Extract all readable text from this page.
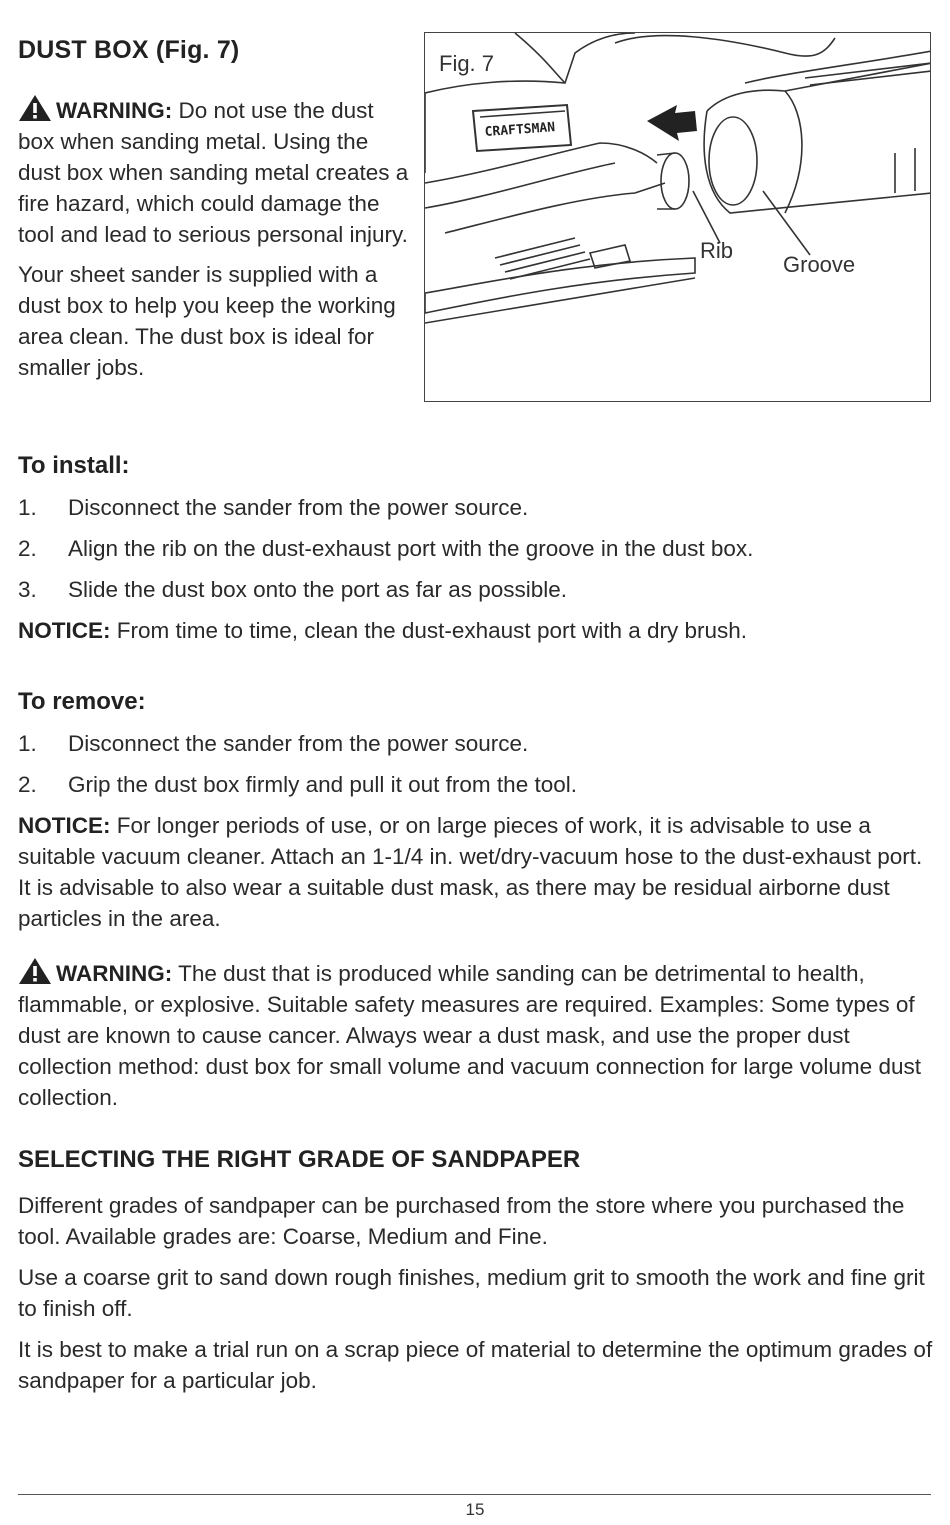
DUST BOX (Fig. 7)

WARNING: Do not use the dust box when sanding metal. Using the dust box when sanding metal creates a fire hazard, which could damage the tool and lead to serious personal injury.

Your sheet sander is supplied with a dust box to help you keep the working area clean. The dust box is ideal for smaller jobs.

CRAFTSMAN
Fig. 7
Rib
Groove
To install:
1. Disconnect the sander from the power source.
2. Align the rib on the dust-exhaust port with the groove in the dust box.
3. Slide the dust box onto the port as far as possible.

NOTICE: From time to time, clean the dust-exhaust port with a dry brush.

To remove:
1. Disconnect the sander from the power source.
2. Grip the dust box firmly and pull it out from the tool.

NOTICE: For longer periods of use, or on large pieces of work, it is advisable to use a suitable vacuum cleaner. Attach an 1-1/4 in. wet/dry-vacuum hose to the dust-exhaust port. It is advisable to also wear a suitable dust mask, as there may be residual airborne dust particles in the area.

WARNING: The dust that is produced while sanding can be detrimental to health, flammable, or explosive. Suitable safety measures are required. Examples: Some types of dust are known to cause cancer. Always wear a dust mask, and use the proper dust collection method: dust box for small volume and vacuum connection for large volume dust collection.

SELECTING THE RIGHT GRADE OF SANDPAPER

Different grades of sandpaper can be purchased from the store where you purchased the tool. Available grades are: Coarse, Medium and Fine.

Use a coarse grit to sand down rough finishes, medium grit to smooth the work and fine grit to finish off.

It is best to make a trial run on a scrap piece of material to determine the optimum grades of sandpaper for a particular job.

15
